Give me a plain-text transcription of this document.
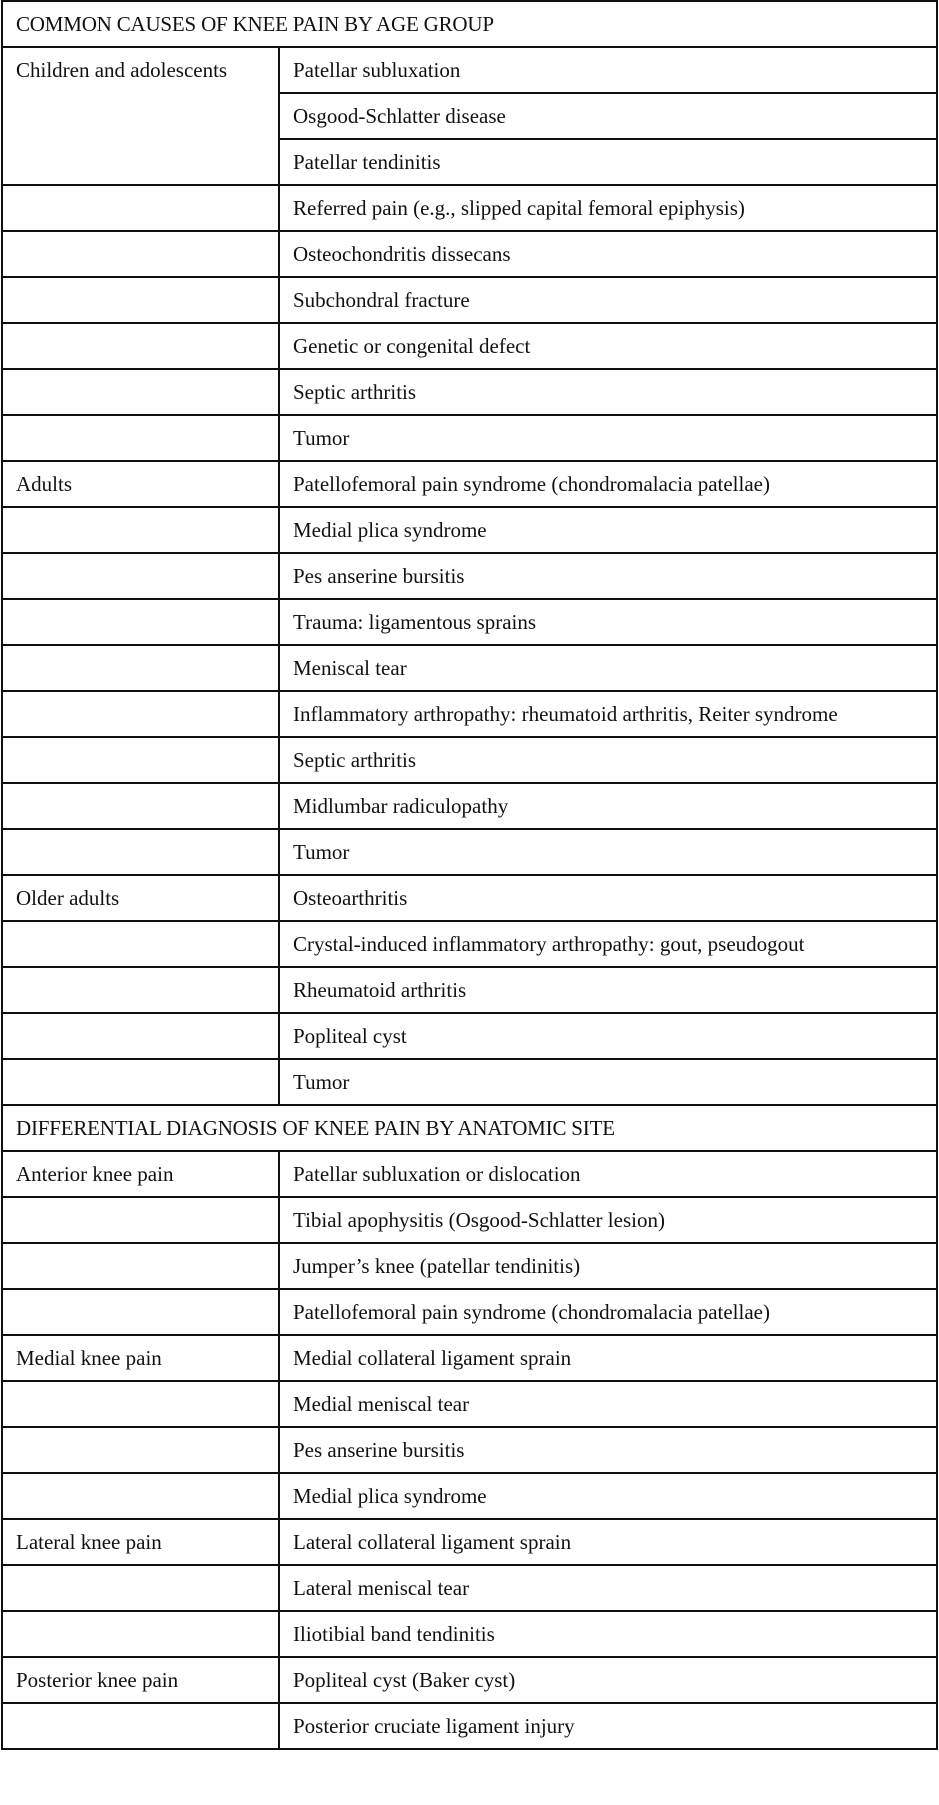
COMMON CAUSES OF KNEE PAIN BY AGE GROUP	
Children and adolescents	Patellar subluxation
	Osgood-Schlatter disease
	Patellar tendinitis
	Referred pain (e.g., slipped capital femoral epiphysis)
	Osteochondritis dissecans
	Subchondral fracture
	Genetic or congenital defect
	Septic arthritis
	Tumor
Adults	Patellofemoral pain syndrome (chondromalacia patellae)
	Medial plica syndrome
	Pes anserine bursitis
	Trauma: ligamentous sprains
	Meniscal tear
	Inflammatory arthropathy: rheumatoid arthritis, Reiter syndrome
	Septic arthritis
	Midlumbar radiculopathy
	Tumor
Older adults	Osteoarthritis
	Crystal-induced inflammatory arthropathy: gout, pseudogout
	Rheumatoid arthritis
	Popliteal cyst
	Tumor
DIFFERENTIAL DIAGNOSIS OF KNEE PAIN BY ANATOMIC SITE	
Anterior knee pain	Patellar subluxation or dislocation
	Tibial apophysitis (Osgood-Schlatter lesion)
	Jumper’s knee (patellar tendinitis)
	Patellofemoral pain syndrome (chondromalacia patellae)
Medial knee pain	Medial collateral ligament sprain
	Medial meniscal tear
	Pes anserine bursitis
	Medial plica syndrome
Lateral knee pain	Lateral collateral ligament sprain
	Lateral meniscal tear
	Iliotibial band tendinitis
Posterior knee pain	Popliteal cyst (Baker cyst)
	Posterior cruciate ligament injury
